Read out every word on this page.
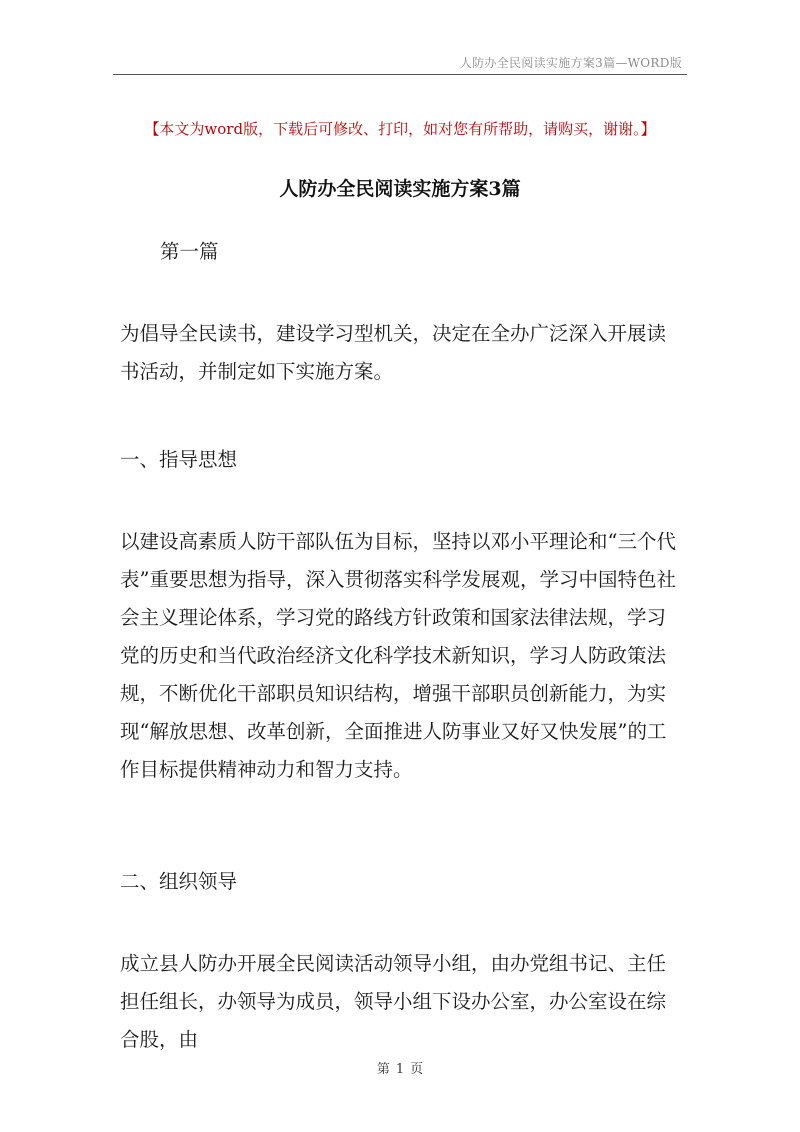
人防办全民阅读实施方案3篇—WORD版
【本文为word版，下载后可修改、打印，如对您有所帮助，请购买，谢谢。】
人防办全民阅读实施方案3篇
第一篇
为倡导全民读书，建设学习型机关，决定在全办广泛深入开展读书活动，并制定如下实施方案。
一、指导思想
以建设高素质人防干部队伍为目标，坚持以邓小平理论和“三个代表”重要思想为指导，深入贯彻落实科学发展观，学习中国特色社会主义理论体系，学习党的路线方针政策和国家法律法规，学习党的历史和当代政治经济文化科学技术新知识，学习人防政策法规，不断优化干部职员知识结构，增强干部职员创新能力，为实现“解放思想、改革创新，全面推进人防事业又好又快发展”的工作目标提供精神动力和智力支持。
二、组织领导
成立县人防办开展全民阅读活动领导小组，由办党组书记、主任担任组长，办领导为成员，领导小组下设办公室，办公室设在综合股，由
第 1 页
